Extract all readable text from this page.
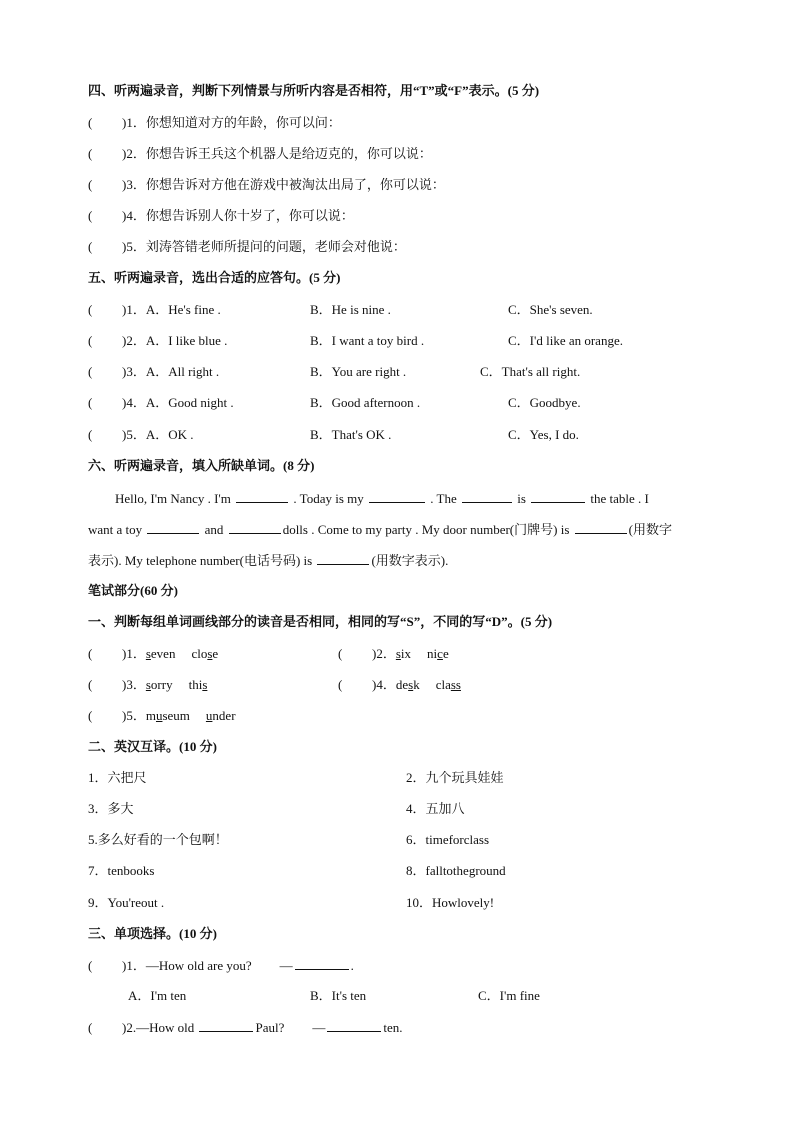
四、听两遍录音，判断下列情景与所听内容是否相符，用“T”或“F”表示。(5 分)
( )1．你想知道对方的年龄，你可以问：
( )2．你想告诉王兵这个机器人是给迈克的，你可以说：
( )3．你想告诉对方他在游戏中被淘汰出局了，你可以说：
( )4．你想告诉别人你十岁了，你可以说：
( )5．刘涛答错老师所提问的问题，老师会对他说：
五、听两遍录音，选出合适的应答句。(5 分)
( )1．A．He's fine .	B．He is nine .	C．She's seven.
( )2．A．I like blue .	B．I want a toy bird .	C．I'd like an orange.
( )3．A．All right .	B．You are right .	C．That's all right.
( )4．A．Good night .	B．Good afternoon .	C．Goodbye.
( )5．A．OK .	B．That's OK .	C．Yes, I do.
六、听两遍录音，填入所缺单词。(8 分)
Hello, I'm Nancy . I'm	. Today is my	. The	is	the table . I
want a toy	and	dolls . Come to my party . My door number(门牌号) is	(用数字
表示). My telephone number(电话号码) is	(用数字表示).
笔试部分(60 分)
一、判断每组单词画线部分的读音是否相同，相同的写“S”，不同的写“D”。(5 分)
( )1．seven close	( )2．six nice
( )3．sorry this	( )4．desk class
( )5．museum under
二、英汉互译。(10 分)
1．六把尺	2．九个玩具娃娃
3．多大	4．五加八
5.多么好看的一个包啊！	6．timeforclass
7．tenbooks	8．falltotheground
9．You'reout .	10．Howlovely!
三、单项选择。(10 分)
( )1．—How old are you? —	.
A．I'm ten	B．It's ten	C．I'm fine
( )2.—How old	Paul? —	ten.
